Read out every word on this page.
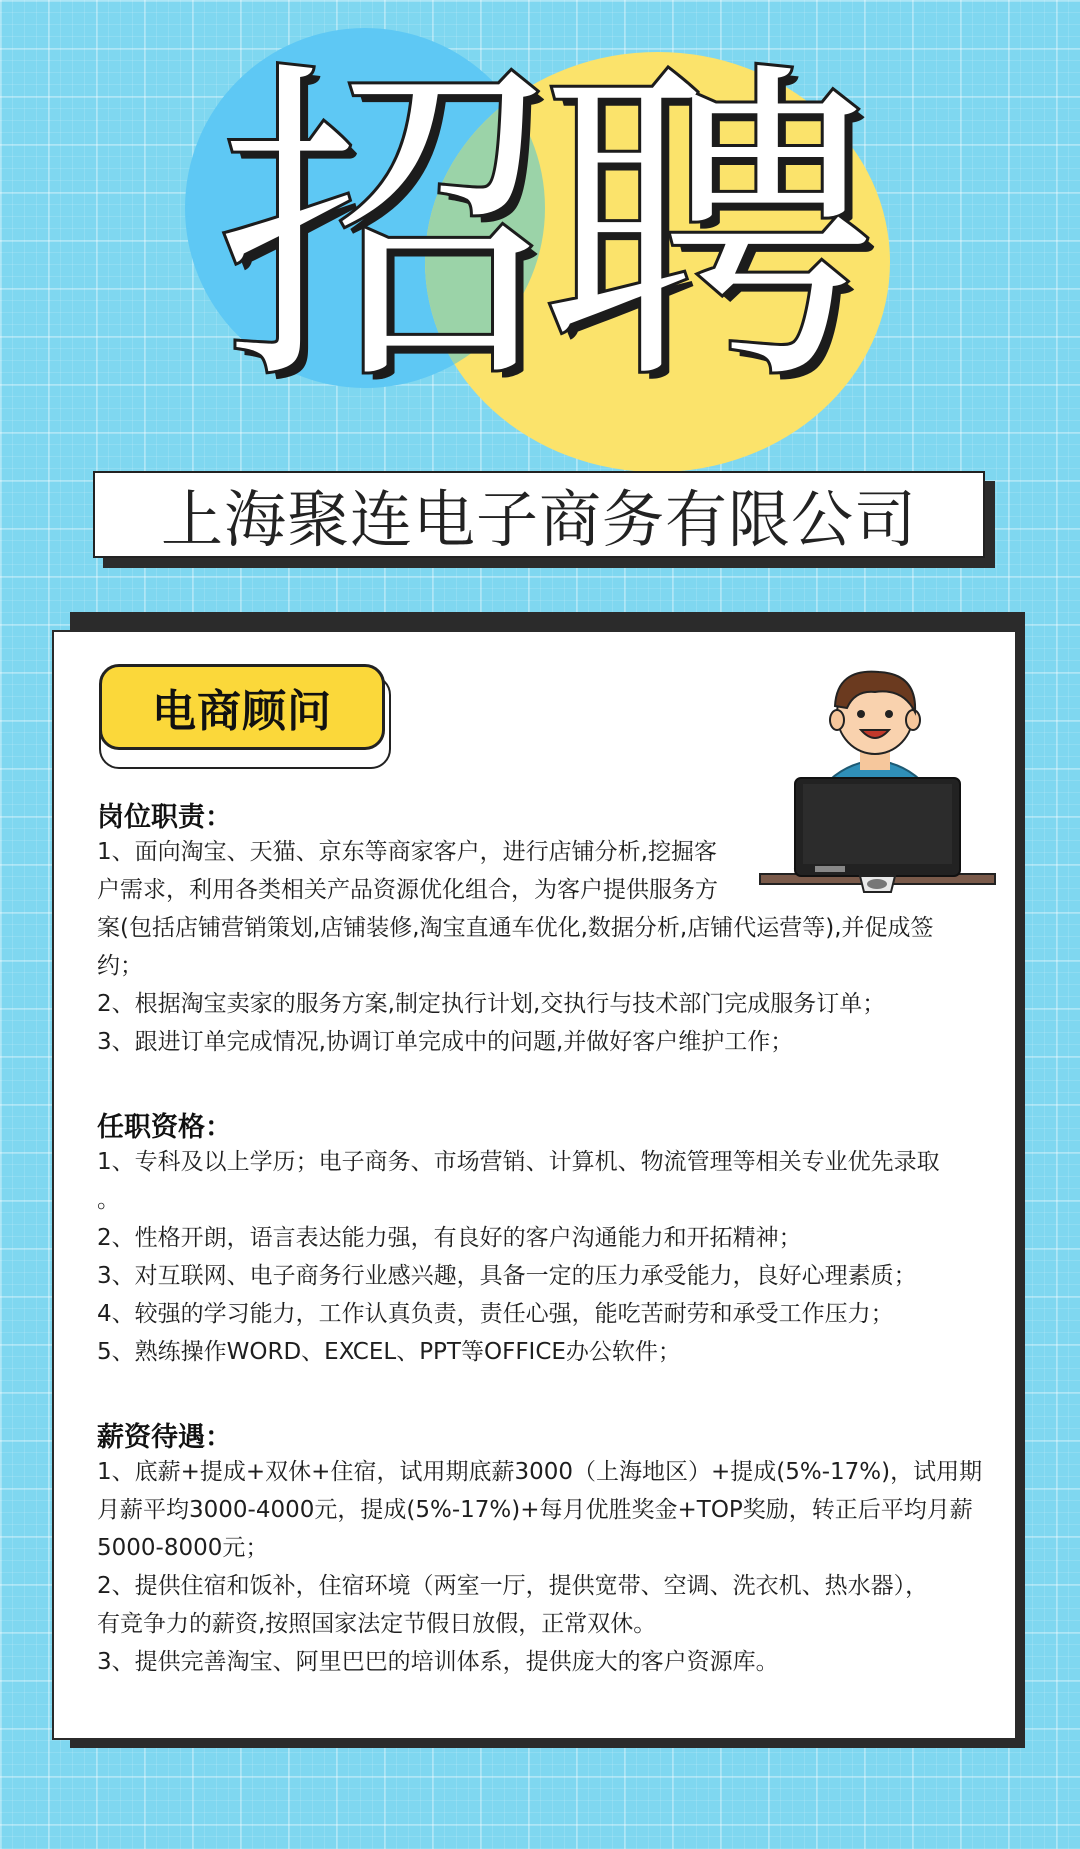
招聘
上海聚连电子商务有限公司
电商顾问
岗位职责：
1、面向淘宝、天猫、京东等商家客户，进行店铺分析,挖掘客
户需求，利用各类相关产品资源优化组合，为客户提供服务方
案(包括店铺营销策划,店铺装修,淘宝直通车优化,数据分析,店铺代运营等),并促成签
约；
2、根据淘宝卖家的服务方案,制定执行计划,交执行与技术部门完成服务订单；
3、跟进订单完成情况,协调订单完成中的问题,并做好客户维护工作；
任职资格：
1、专科及以上学历；电子商务、市场营销、计算机、物流管理等相关专业优先录取
。
2、性格开朗，语言表达能力强，有良好的客户沟通能力和开拓精神；
3、对互联网、电子商务行业感兴趣，具备一定的压力承受能力，良好心理素质；
4、较强的学习能力，工作认真负责，责任心强，能吃苦耐劳和承受工作压力；
5、熟练操作WORD、EXCEL、PPT等OFFICE办公软件；
薪资待遇：
1、底薪+提成+双休+住宿，试用期底薪3000（上海地区）+提成(5%-17%)，试用期
月薪平均3000-4000元，提成(5%-17%)+每月优胜奖金+TOP奖励，转正后平均月薪
5000-8000元；
2、提供住宿和饭补，住宿环境（两室一厅，提供宽带、空调、洗衣机、热水器），
有竞争力的薪资,按照国家法定节假日放假，正常双休。
3、提供完善淘宝、阿里巴巴的培训体系，提供庞大的客户资源库。
